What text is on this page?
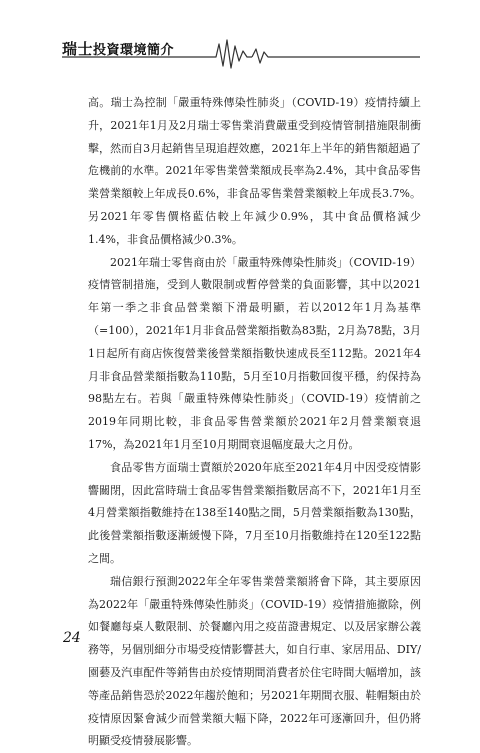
瑞士投資環境簡介

高。瑞士為控制「嚴重特殊傳染性肺炎」（COVID-19）疫情持續上升，2021年1月及2月瑞士零售業消費嚴重受到疫情管制措施限制衝擊，然而自3月起銷售呈現追趕效應，2021年上半年的銷售額超過了危機前的水準。2021年零售業營業額成長率為2.4%，其中食品零售業營業額較上年成長0.6%，非食品零售業營業額較上年成長3.7%。另2021年零售價格藍估較上年減少0.9%，其中食品價格減少1.4%，非食品價格減少0.3%。

2021年瑞士零售商由於「嚴重特殊傳染性肺炎」（COVID-19）疫情管制措施，受到人數限制或暫停營業的負面影響，其中以2021年第一季之非食品營業額下滑最明顯，若以2012年1月為基準（=100），2021年1月非食品營業額指數為83點，2月為78點，3月1日起所有商店恢復營業後營業額指數快速成長至112點。2021年4月非食品營業額指數為110點，5月至10月指數回復平穩，約保持為98點左右。若與「嚴重特殊傳染性肺炎」（COVID-19）疫情前之2019年同期比較，非食品零售營業額於2021年2月營業額衰退17%，為2021年1月至10月期間衰退幅度最大之月份。

食品零售方面瑞士賣額於2020年底至2021年4月中因受疫情影響關閉，因此當時瑞士食品零售營業額指數居高不下，2021年1月至4月營業額指數維持在138至140點之間，5月營業額指數為130點，此後營業額指數逐漸緩慢下降，7月至10月指數維持在120至122點之間。

瑞信銀行預測2022年全年零售業營業額將會下降，其主要原因為2022年「嚴重特殊傳染性肺炎」（COVID-19）疫情措施撤除，例如餐廳每桌人數限制、於餐廳內用之疫苗證書規定、以及居家辦公義務等，另個別細分市場受疫情影響甚大，如自行車、家居用品、DIY/園藝及汽車配件等銷售由於疫情期間消費者於住宅時間大幅增加，該等產品銷售恐於2022年趨於飽和；另2021年期間衣服、鞋帽類由於疫情原因緊會減少而營業額大幅下降，2022年可逐漸回升，但仍將明顯受疫情發展影響。

24
